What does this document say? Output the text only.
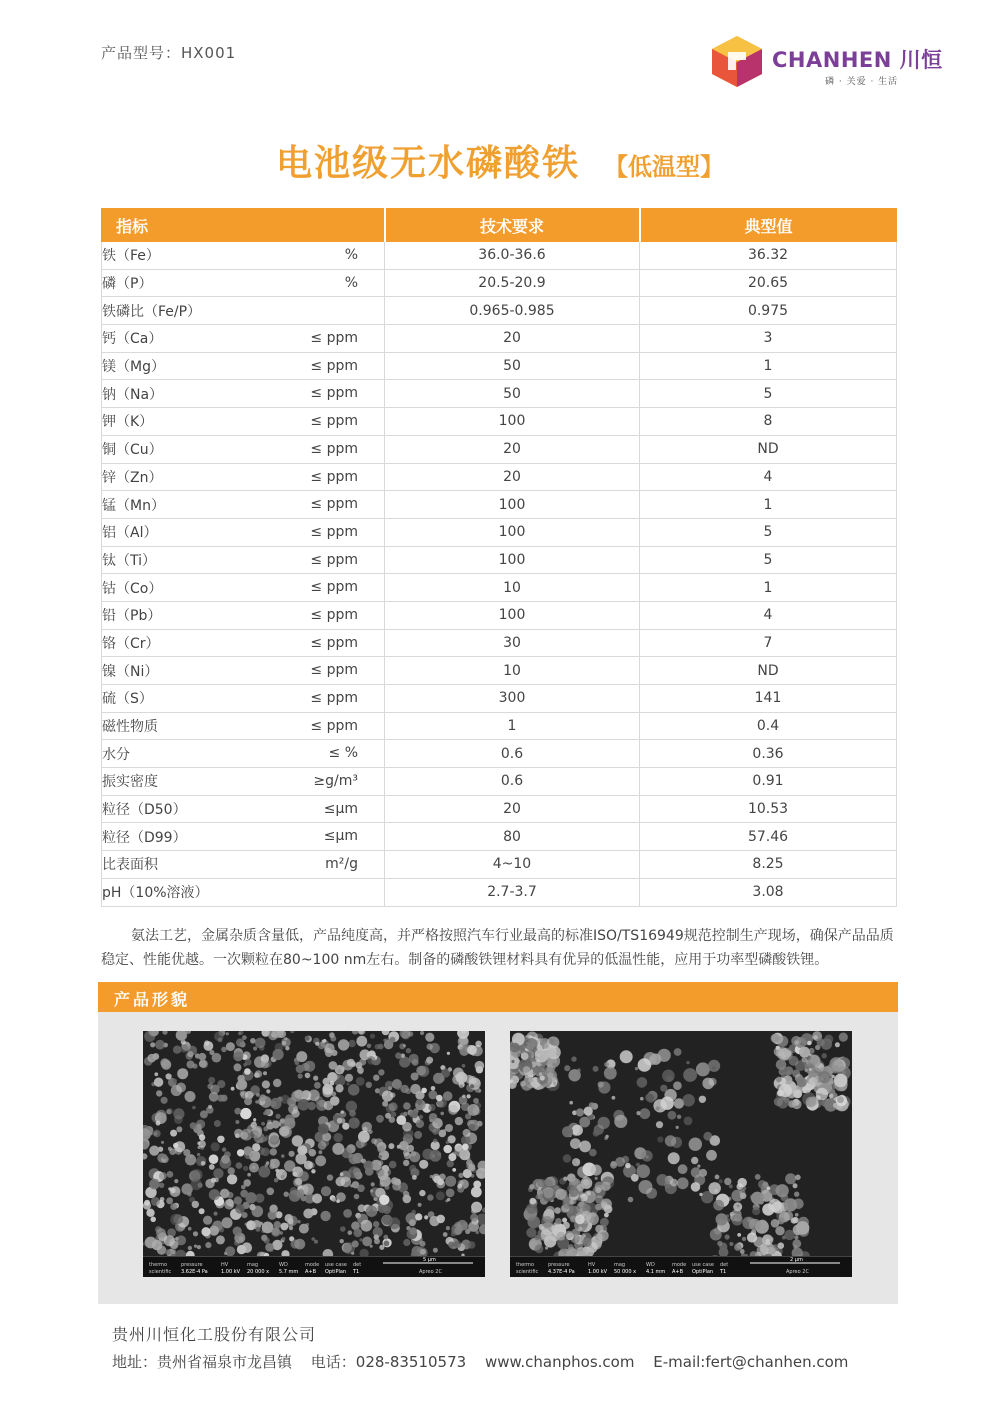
产品型号：HX001	CHANHEN 川恒
磷 · 关爱 · 生活
电池级无水磷酸铁 【低温型】
指标	技术要求	典型值
铁（Fe） %	36.0-36.6	36.32
磷（P） %	20.5-20.9	20.65
铁磷比（Fe/P）	0.965-0.985	0.975
钙（Ca） ≤ ppm	20	3
镁（Mg） ≤ ppm	50	1
钠（Na） ≤ ppm	50	5
钾（K） ≤ ppm	100	8
铜（Cu） ≤ ppm	20	ND
锌（Zn） ≤ ppm	20	4
锰（Mn） ≤ ppm	100	1
铝（Al） ≤ ppm	100	5
钛（Ti） ≤ ppm	100	5
钴（Co） ≤ ppm	10	1
铅（Pb） ≤ ppm	100	4
铬（Cr） ≤ ppm	30	7
镍（Ni） ≤ ppm	10	ND
硫（S） ≤ ppm	300	141
磁性物质 ≤ ppm	1	0.4
水分 ≤ %	0.6	0.36
振实密度 ≥g/m³	0.6	0.91
粒径（D50） ≤μm	20	10.53
粒径（D99） ≤μm	80	57.46
比表面积 m²/g	4~10	8.25
pH（10%溶液）	2.7-3.7	3.08
氨法工艺，金属杂质含量低，产品纯度高，并严格按照汽车行业最高的标准ISO/TS16949规范控制生产现场，确保产品品质稳定、性能优越。一次颗粒在80~100 nm左右。制备的磷酸铁锂材料具有优异的低温性能，应用于功率型磷酸铁锂。
产品形貌
thermo
scientific
pressure
3.62E-4 Pa
HV
1.00 kV
mag
20 000 x
WD
5.7 mm
mode
A+B
use case
OptiPlan
det
T1
5 μm
Apreo 2C
thermo
scientific
pressure
4.37E-4 Pa
HV
1.00 kV
mag
50 000 x
WD
4.1 mm
mode
A+B
use case
OptiPlan
det
T1
2 μm
Apreo 2C
贵州川恒化工股份有限公司
地址：贵州省福泉市龙昌镇 电话：028-83510573 www.chanphos.com E-mail:fert@chanhen.com
